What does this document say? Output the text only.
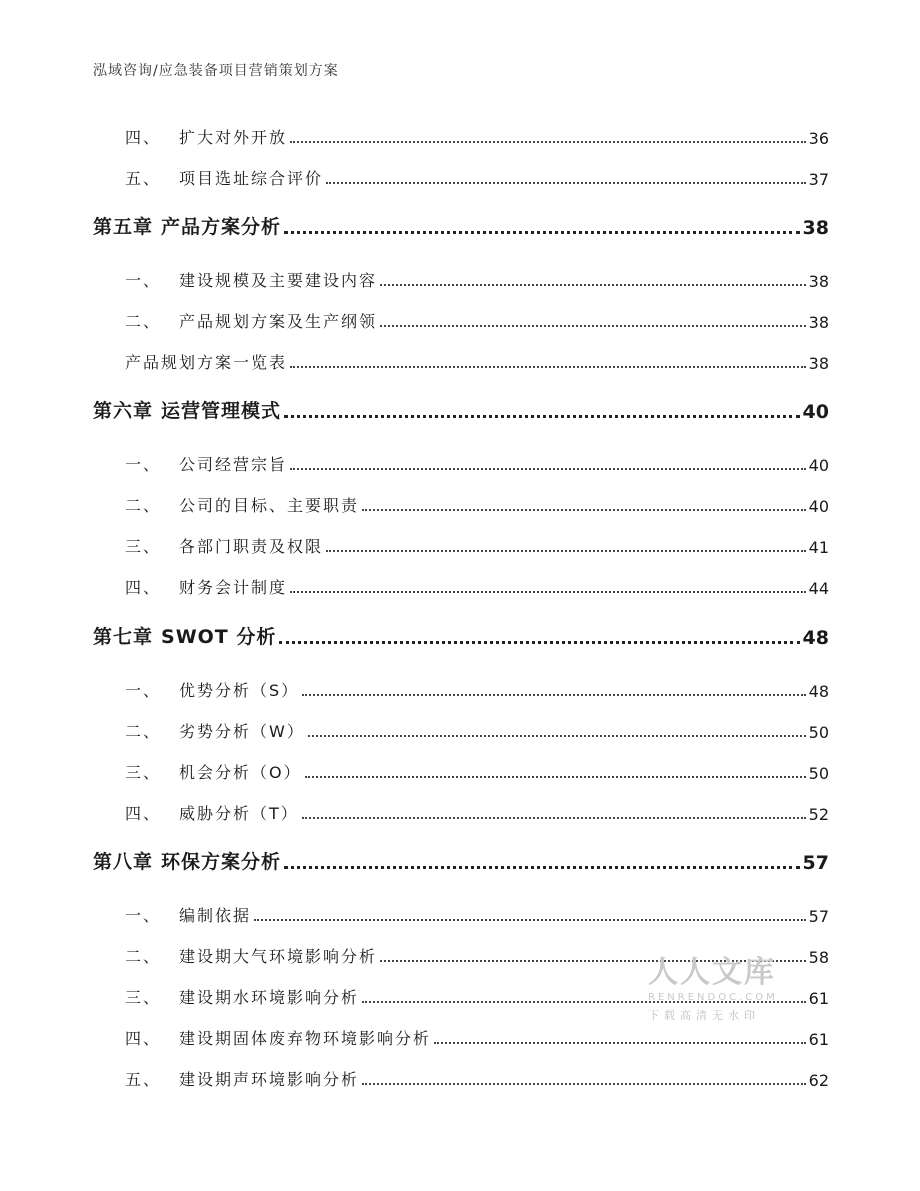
泓域咨询/应急装备项目营销策划方案
四、 扩大对外开放	36
五、 项目选址综合评价	37
第五章 产品方案分析	38
一、 建设规模及主要建设内容	38
二、 产品规划方案及生产纲领	38
产品规划方案一览表	38
第六章 运营管理模式	40
一、 公司经营宗旨	40
二、 公司的目标、主要职责	40
三、 各部门职责及权限	41
四、 财务会计制度	44
第七章 SWOT 分析	48
一、 优势分析（S）	48
二、 劣势分析（W）	50
三、 机会分析（O）	50
四、 威胁分析（T）	52
第八章 环保方案分析	57
一、 编制依据	57
二、 建设期大气环境影响分析	58
三、 建设期水环境影响分析	61
四、 建设期固体废弃物环境影响分析	61
五、 建设期声环境影响分析	62
人人文库
RENRENDOC.COM
下载高清无水印
